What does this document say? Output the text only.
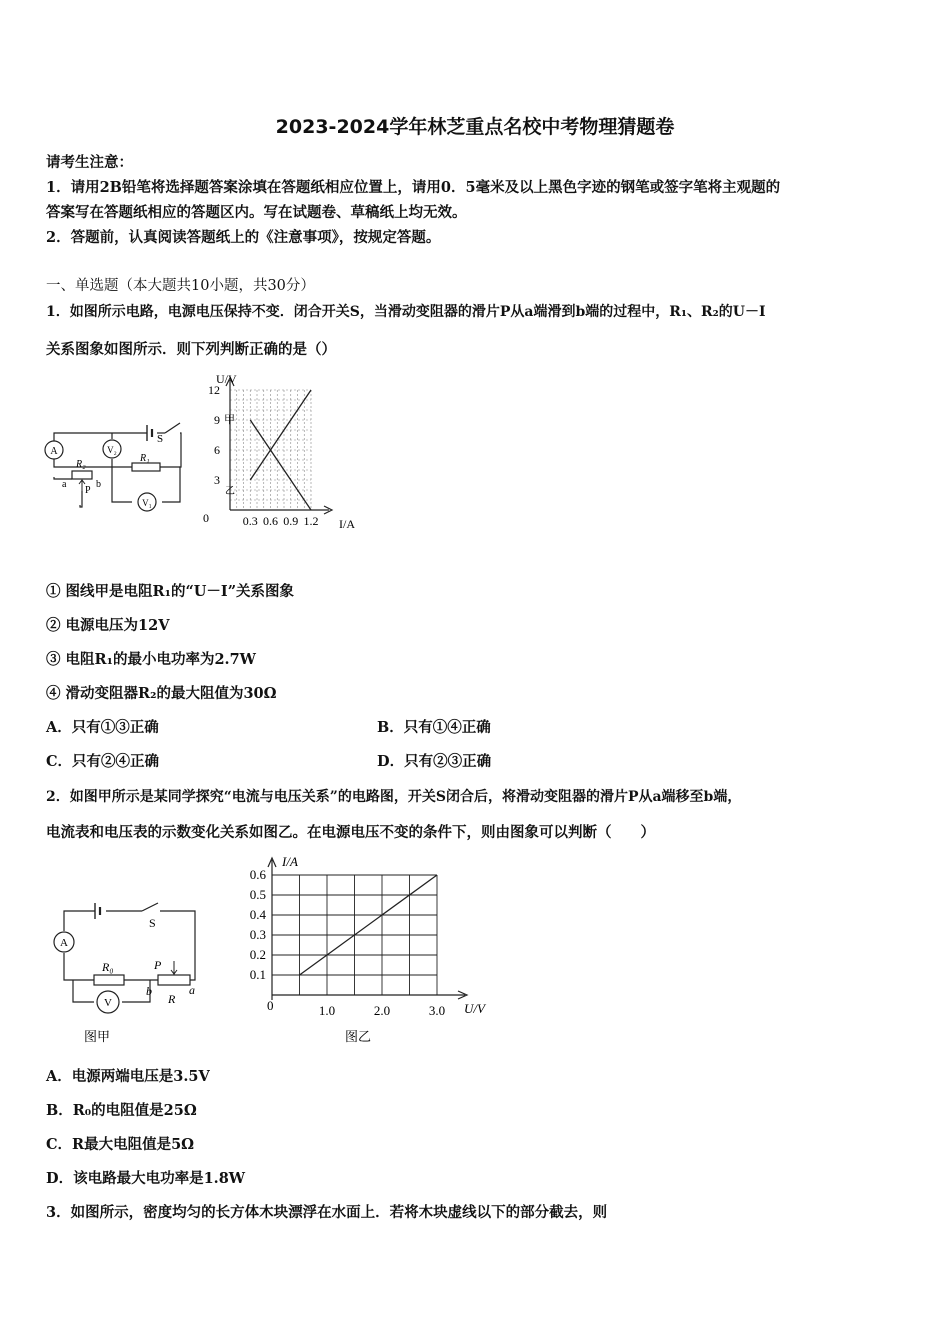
2023-2024学年林芝重点名校中考物理猜题卷
请考生注意：
1．请用2B铅笔将选择题答案涂填在答题纸相应位置上，请用0．5毫米及以上黑色字迹的钢笔或签字笔将主观题的
答案写在答题纸相应的答题区内。写在试题卷、草稿纸上均无效。
2．答题前，认真阅读答题纸上的《注意事项》，按规定答题。
一、单选题（本大题共10小题，共30分）
1．如图所示电路，电源电压保持不变．闭合开关S，当滑动变阻器的滑片P从a端滑到b端的过程中，R₁、R₂的U－I
关系图象如图所示．则下列判断正确的是（）
A	V₂
V₁
S
R₂
R₁
a
P
b
U/V
I/A
0
3
6
9
12
0.3 0.6 0.9 1.2
甲
乙
① 图线甲是电阻R₁的“U－I”关系图象
② 电源电压为12V
③ 电阻R₁的最小电功率为2.7W
④ 滑动变阻器R₂的最大阻值为30Ω
A．只有①③正确	B．只有①④正确
C．只有②④正确	D．只有②③正确
2．如图甲所示是某同学探究“电流与电压关系”的电路图，开关S闭合后，将滑动变阻器的滑片P从a端移至b端，
电流表和电压表的示数变化关系如图乙。在电源电压不变的条件下，则由图象可以判断（　　）
A
V
S
R₀	P
R
a
b
图甲
I/A
U/V
0
0.1
0.2
0.3
0.4
0.5
0.6
1.0	2.0	3.0
图乙
A．电源两端电压是3.5V
B．R₀的电阻值是25Ω
C．R最大电阻值是5Ω
D．该电路最大电功率是1.8W
3．如图所示，密度均匀的长方体木块漂浮在水面上．若将木块虚线以下的部分截去，则
